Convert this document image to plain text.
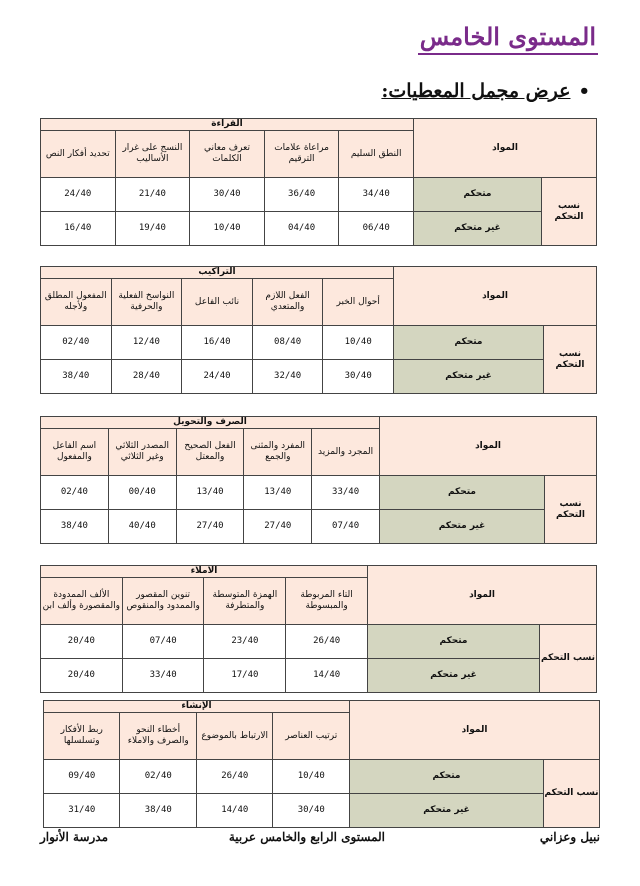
المستوى الخامس
•عرض مجمل المعطيات:
المواد		القراءة				
		النطق السليم	مراعاة علامات الترقيم	تعرف معاني الكلمات	النسج على غرار الأساليب	تحديد أفكار النص
نسب التحكم	متحكم	34/40	36/40	30/40	21/40	24/40
	غير متحكم	06/40	04/40	10/40	19/40	16/40
المواد		التراكيب				
		أحوال الخبر	الفعل اللازم والمتعدي	نائب الفاعل	النواسخ الفعلية والحرفية	المفعول المطلق ولأجله
نسب التحكم	متحكم	10/40	08/40	16/40	12/40	02/40
	غير متحكم	30/40	32/40	24/40	28/40	38/40
المواد		الصرف والتحويل				
		المجرد والمزيد	المفرد والمثنى والجمع	الفعل الصحيح والمعتل	المصدر الثلاثي وغير الثلاثي	اسم الفاعل والمفعول
نسب التحكم	متحكم	33/40	13/40	13/40	00/40	02/40
	غير متحكم	07/40	27/40	27/40	40/40	38/40
المواد		الاملاء			
		التاء المربوطة والمبسوطة	الهمزة المتوسطة والمتطرفة	تنوين المقصور والممدود والمنقوص	الألف الممدودة والمقصورة وألف ابن
نسب التحكم	متحكم	26/40	23/40	07/40	20/40
	غير متحكم	14/40	17/40	33/40	20/40
المواد		الإنشاء			
		ترتيب العناصر	الارتباط بالموضوع	أخطاء النحو والصرف والاملاء	ربط الأفكار وتسلسلها
نسب التحكم	متحكم	10/40	26/40	02/40	09/40
	غير متحكم	30/40	14/40	38/40	31/40
نبيل وعزاني
المستوى الرابع والخامس عربية
مدرسة الأنوار
